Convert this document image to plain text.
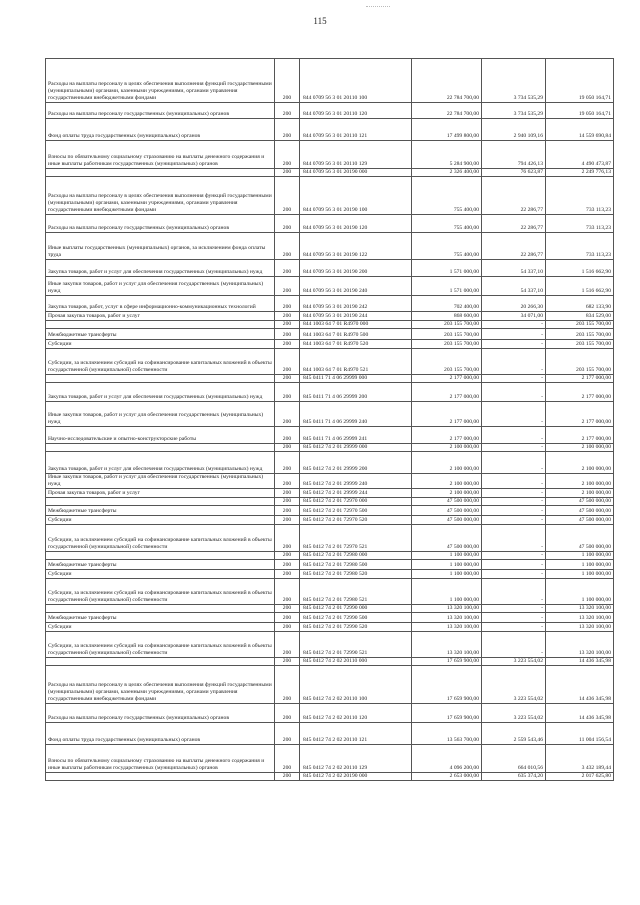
115
Расходы на выплаты персоналу в целях обеспечения выполнения функций государственными (муниципальными) органами, казенными учреждениями, органами управления государственными внебюджетными фондами	200	844 0709 56 3 01 20110 100	22 784 700,00	3 734 535,29	19 050 164,71
Расходы на выплаты персоналу государственных (муниципальных) органов	200	844 0709 56 3 01 20110 120	22 784 700,00	3 734 535,29	19 050 164,71
Фонд оплаты труда государственных (муниципальных) органов	200	844 0709 56 3 01 20110 121	17 499 800,00	2 940 109,16	14 559 690,84
Взносы по обязательному социальному страхованию на выплаты денежного содержания и иные выплаты работникам государственных (муниципальных) органов	200	844 0709 56 3 01 20110 129	5 284 900,00	794 426,13	4 490 473,87
	200	844 0709 56 3 01 20190 000	2 326 400,00	76 623,87	2 249 776,13
Расходы на выплаты персоналу в целях обеспечения выполнения функций государственными (муниципальными) органами, казенными учреждениями, органами управления государственными внебюджетными фондами	200	844 0709 56 3 01 20190 100	755 400,00	22 286,77	733 113,23
Расходы на выплаты персоналу государственных (муниципальных) органов	200	844 0709 56 3 01 20190 120	755 400,00	22 286,77	733 113,23
Иные выплаты государственных (муниципальных) органов, за исключением фонда оплаты труда	200	844 0709 56 3 01 20190 122	755 400,00	22 286,77	733 113,23
Закупка товаров, работ и услуг для обеспечения государственных (муниципальных) нужд	200	844 0709 56 3 01 20190 200	1 571 000,00	54 337,10	1 516 662,90
Иные закупки товаров, работ и услуг для обеспечения государственных (муниципальных) нужд	200	844 0709 56 3 01 20190 240	1 571 000,00	54 337,10	1 516 662,90
Закупка товаров, работ, услуг в сфере информационно-коммуникационных технологий	200	844 0709 56 3 01 20190 242	702 400,00	20 266,30	682 133,90
Прочая закупка товаров, работ и услуг	200	844 0709 56 3 01 20190 244	868 600,00	34 071,00	834 529,00
	200	844 1003 64 7 01 R4970 000	203 155 700,00	-	203 155 700,00
Межбюджетные трансферты	200	844 1003 64 7 01 R4970 500	203 155 700,00	-	203 155 700,00
Субсидии	200	844 1003 64 7 01 R4970 520	203 155 700,00	-	203 155 700,00
Субсидии, за исключением субсидий на софинансирование капитальных вложений в объекты государственной (муниципальной) собственности	200	844 1003 64 7 01 R4970 521	203 155 700,00	-	203 155 700,00
	200	845 0411 71 4 06 29999 000	2 177 000,00	-	2 177 000,00
Закупка товаров, работ и услуг для обеспечения государственных (муниципальных) нужд	200	845 0411 71 4 06 29999 200	2 177 000,00	-	2 177 000,00
Иные закупки товаров, работ и услуг для обеспечения государственных (муниципальных) нужд	200	845 0411 71 4 06 29999 240	2 177 000,00	-	2 177 000,00
Научно-исследовательские и опытно-конструкторские работы	200	845 0411 71 4 06 29999 241	2 177 000,00	-	2 177 000,00
	200	845 0412 74 2 01 29999 000	2 100 000,00	-	2 100 000,00
Закупка товаров, работ и услуг для обеспечения государственных (муниципальных) нужд	200	845 0412 74 2 01 29999 200	2 100 000,00	-	2 100 000,00
Иные закупки товаров, работ и услуг для обеспечения государственных (муниципальных) нужд	200	845 0412 74 2 01 29999 240	2 100 000,00	-	2 100 000,00
Прочая закупка товаров, работ и услуг	200	845 0412 74 2 01 29999 244	2 100 000,00	-	2 100 000,00
	200	845 0412 74 2 01 72970 000	47 500 000,00	-	47 500 000,00
Межбюджетные трансферты	200	845 0412 74 2 01 72970 500	47 500 000,00	-	47 500 000,00
Субсидии	200	845 0412 74 2 01 72970 520	47 500 000,00	-	47 500 000,00
Субсидии, за исключением субсидий на софинансирование капитальных вложений в объекты государственной (муниципальной) собственности	200	845 0412 74 2 01 72970 521	47 500 000,00	-	47 500 000,00
	200	845 0412 74 2 01 72980 000	1 100 000,00	-	1 100 000,00
Межбюджетные трансферты	200	845 0412 74 2 01 72980 500	1 100 000,00	-	1 100 000,00
Субсидии	200	845 0412 74 2 01 72980 520	1 100 000,00	-	1 100 000,00
Субсидии, за исключением субсидий на софинансирование капитальных вложений в объекты государственной (муниципальной) собственности	200	845 0412 74 2 01 72980 521	1 100 000,00	-	1 100 000,00
	200	845 0412 74 2 01 72990 000	13 320 100,00	-	13 320 100,00
Межбюджетные трансферты	200	845 0412 74 2 01 72990 500	13 320 100,00	-	13 320 100,00
Субсидии	200	845 0412 74 2 01 72990 520	13 320 100,00	-	13 320 100,00
Субсидии, за исключением субсидий на софинансирование капитальных вложений в объекты государственной (муниципальной) собственности	200	845 0412 74 2 01 72990 521	13 320 100,00	-	13 320 100,00
	200	845 0412 74 2 02 20110 000	17 659 900,00	3 223 554,02	14 436 345,98
Расходы на выплаты персоналу в целях обеспечения выполнения функций государственными (муниципальными) органами, казенными учреждениями, органами управления государственными внебюджетными фондами	200	845 0412 74 2 02 20110 100	17 659 900,00	3 223 554,02	14 436 345,98
Расходы на выплаты персоналу государственных (муниципальных) органов	200	845 0412 74 2 02 20110 120	17 659 900,00	3 223 554,02	14 436 345,98
Фонд оплаты труда государственных (муниципальных) органов	200	845 0412 74 2 02 20110 121	13 563 700,00	2 559 543,46	11 004 156,54
Взносы по обязательному социальному страхованию на выплаты денежного содержания и иные выплаты работникам государственных (муниципальных) органов	200	845 0412 74 2 02 20110 129	4 096 200,00	664 010,56	3 432 189,44
	200	845 0412 74 2 02 20190 000	2 653 000,00	635 374,20	2 017 625,80
